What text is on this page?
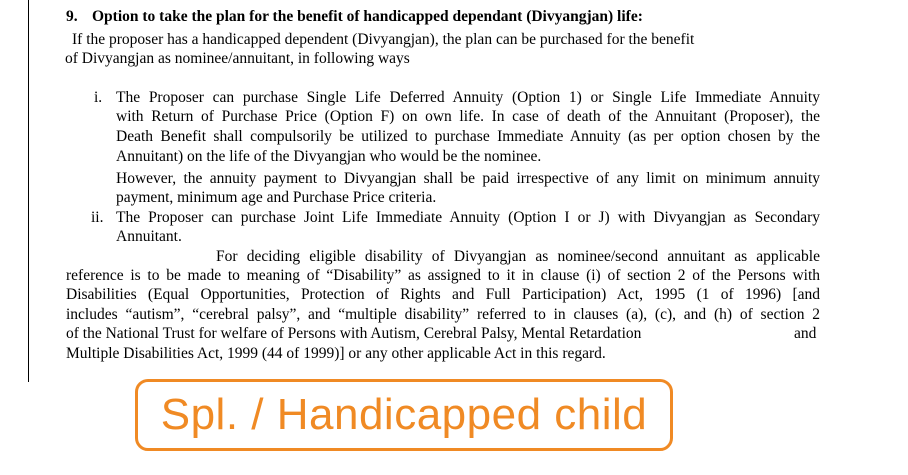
9. Option to take the plan for the benefit of handicapped dependant (Divyangjan) life:
If the proposer has a handicapped dependent (Divyangjan), the plan can be purchased for the benefit
of Divyangjan as nominee/annuitant, in following ways
i. The Proposer can purchase Single Life Deferred Annuity (Option 1) or Single Life Immediate Annuity
with Return of Purchase Price (Option F) on own life. In case of death of the Annuitant (Proposer), the
Death Benefit shall compulsorily be utilized to purchase Immediate Annuity (as per option chosen by the
Annuitant) on the life of the Divyangjan who would be the nominee.
However, the annuity payment to Divyangjan shall be paid irrespective of any limit on minimum annuity
payment, minimum age and Purchase Price criteria.
ii. The Proposer can purchase Joint Life Immediate Annuity (Option I or J) with Divyangjan as Secondary
Annuitant.
For deciding eligible disability of Divyangjan as nominee/second annuitant as applicable
reference is to be made to meaning of “Disability” as assigned to it in clause (i) of section 2 of the Persons with
Disabilities (Equal Opportunities, Protection of Rights and Full Participation) Act, 1995 (1 of 1996) [and
includes “autism”, “cerebral palsy”, and “multiple disability” referred to in clauses (a), (c), and (h) of section 2
of the National Trust for welfare of Persons with Autism, Cerebral Palsy, Mental Retardation	and
Multiple Disabilities Act, 1999 (44 of 1999)] or any other applicable Act in this regard.
Spl. / Handicapped child
